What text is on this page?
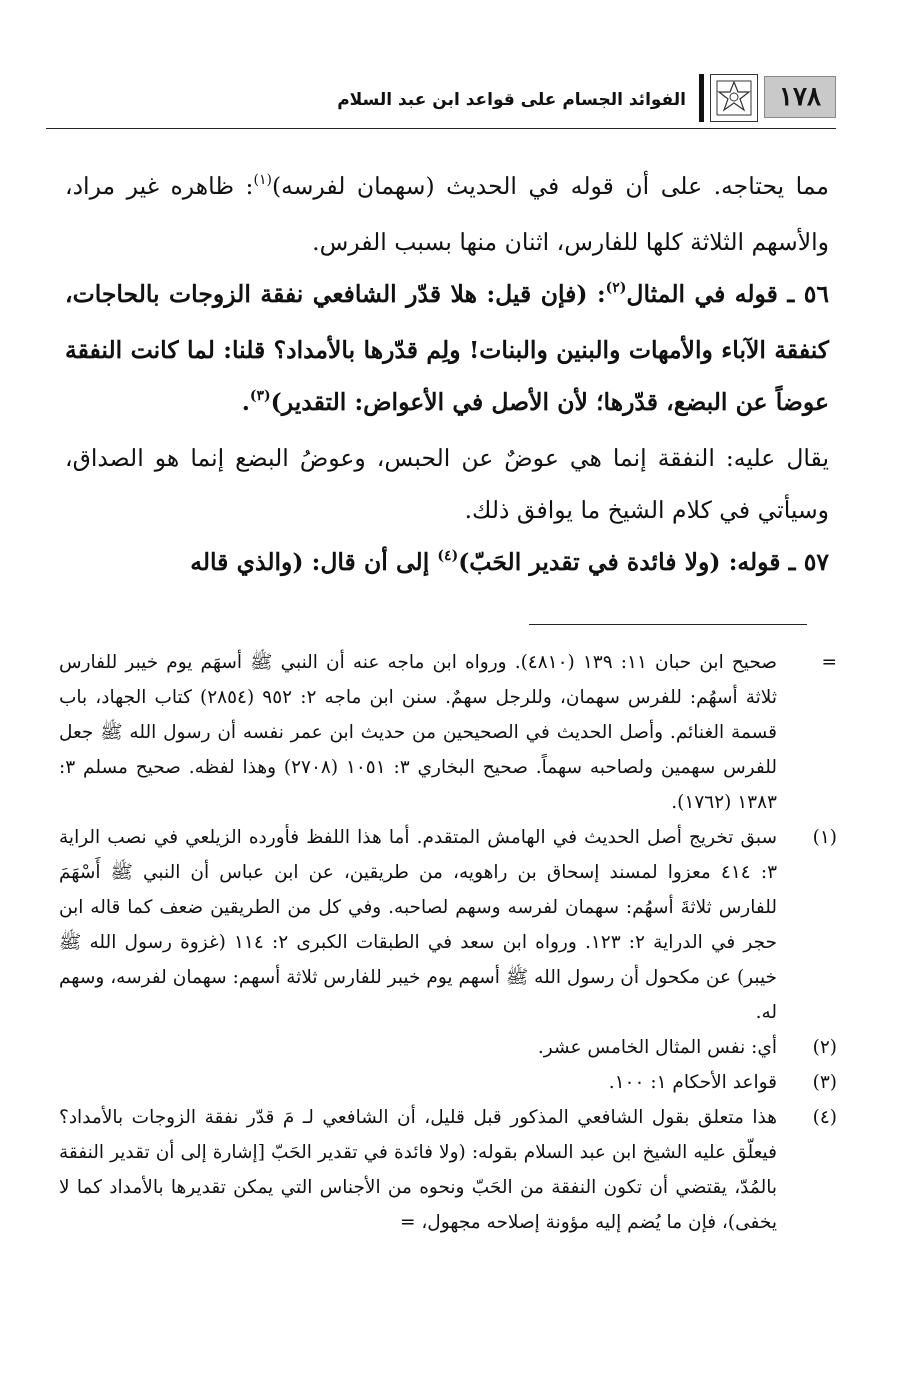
١٧٨
الفوائد الجسام على قواعد ابن عبد السلام

مما يحتاجه. على أن قوله في الحديث (سهمان لفرسه)$^{(١)}$: ظاهره غير مراد، والأسهم الثلاثة كلها للفارس، اثنان منها بسبب الفرس.

٥٦ ـ قوله في المثال$^{(٢)}$: (فإن قيل: هلا قدّر الشافعي نفقة الزوجات بالحاجات، كنفقة الآباء والأمهات والبنين والبنات! ولِم قدّرها بالأمداد؟ قلنا: لما كانت النفقة عوضاً عن البضع، قدّرها؛ لأن الأصل في الأعواض: التقدير)$^{(٣)}$.

يقال عليه: النفقة إنما هي عوضٌ عن الحبس، وعوضُ البضع إنما هو الصداق، وسيأتي في كلام الشيخ ما يوافق ذلك.

٥٧ ـ قوله: (ولا فائدة في تقدير الحَبّ)$^{(٤)}$ إلى أن قال: (والذي قاله

=
صحيح ابن حبان ١١: ١٣٩ (٤٨١٠). ورواه ابن ماجه عنه أن النبي ﷺ أسهَم يوم خيبر للفارس ثلاثة أسهُم: للفرس سهمان، وللرجل سهمٌ. سنن ابن ماجه ٢: ٩٥٢ (٢٨٥٤) كتاب الجهاد، باب قسمة الغنائم. وأصل الحديث في الصحيحين من حديث ابن عمر نفسه أن رسول الله ﷺ جعل للفرس سهمين ولصاحبه سهماً. صحيح البخاري ٣: ١٠٥١ (٢٧٠٨) وهذا لفظه. صحيح مسلم ٣: ١٣٨٣ (١٧٦٢).

(١)
سبق تخريج أصل الحديث في الهامش المتقدم. أما هذا اللفظ فأورده الزيلعي في نصب الراية ٣: ٤١٤ معزوا لمسند إسحاق بن راهويه، من طريقين، عن ابن عباس أن النبي ﷺ أَسْهَمَ للفارس ثلاثةَ أسهُم: سهمان لفرسه وسهم لصاحبه. وفي كل من الطريقين ضعف كما قاله ابن حجر في الدراية ٢: ١٢٣. ورواه ابن سعد في الطبقات الكبرى ٢: ١١٤ (غزوة رسول الله ﷺ خيبر) عن مكحول أن رسول الله ﷺ أسهم يوم خيبر للفارس ثلاثة أسهم: سهمان لفرسه، وسهم له.

(٢)
أي: نفس المثال الخامس عشر.

(٣)
قواعد الأحكام ١: ١٠٠.

(٤)
هذا متعلق بقول الشافعي المذكور قبل قليل، أن الشافعي لـ مَ قدّر نفقة الزوجات بالأمداد؟ فيعلّق عليه الشيخ ابن عبد السلام بقوله: (ولا فائدة في تقدير الحَبّ [إشارة إلى أن تقدير النفقة بالمُدّ، يقتضي أن تكون النفقة من الحَبّ ونحوه من الأجناس التي يمكن تقديرها بالأمداد كما لا يخفى)، فإن ما يُضم إليه مؤونة إصلاحه مجهول، =
